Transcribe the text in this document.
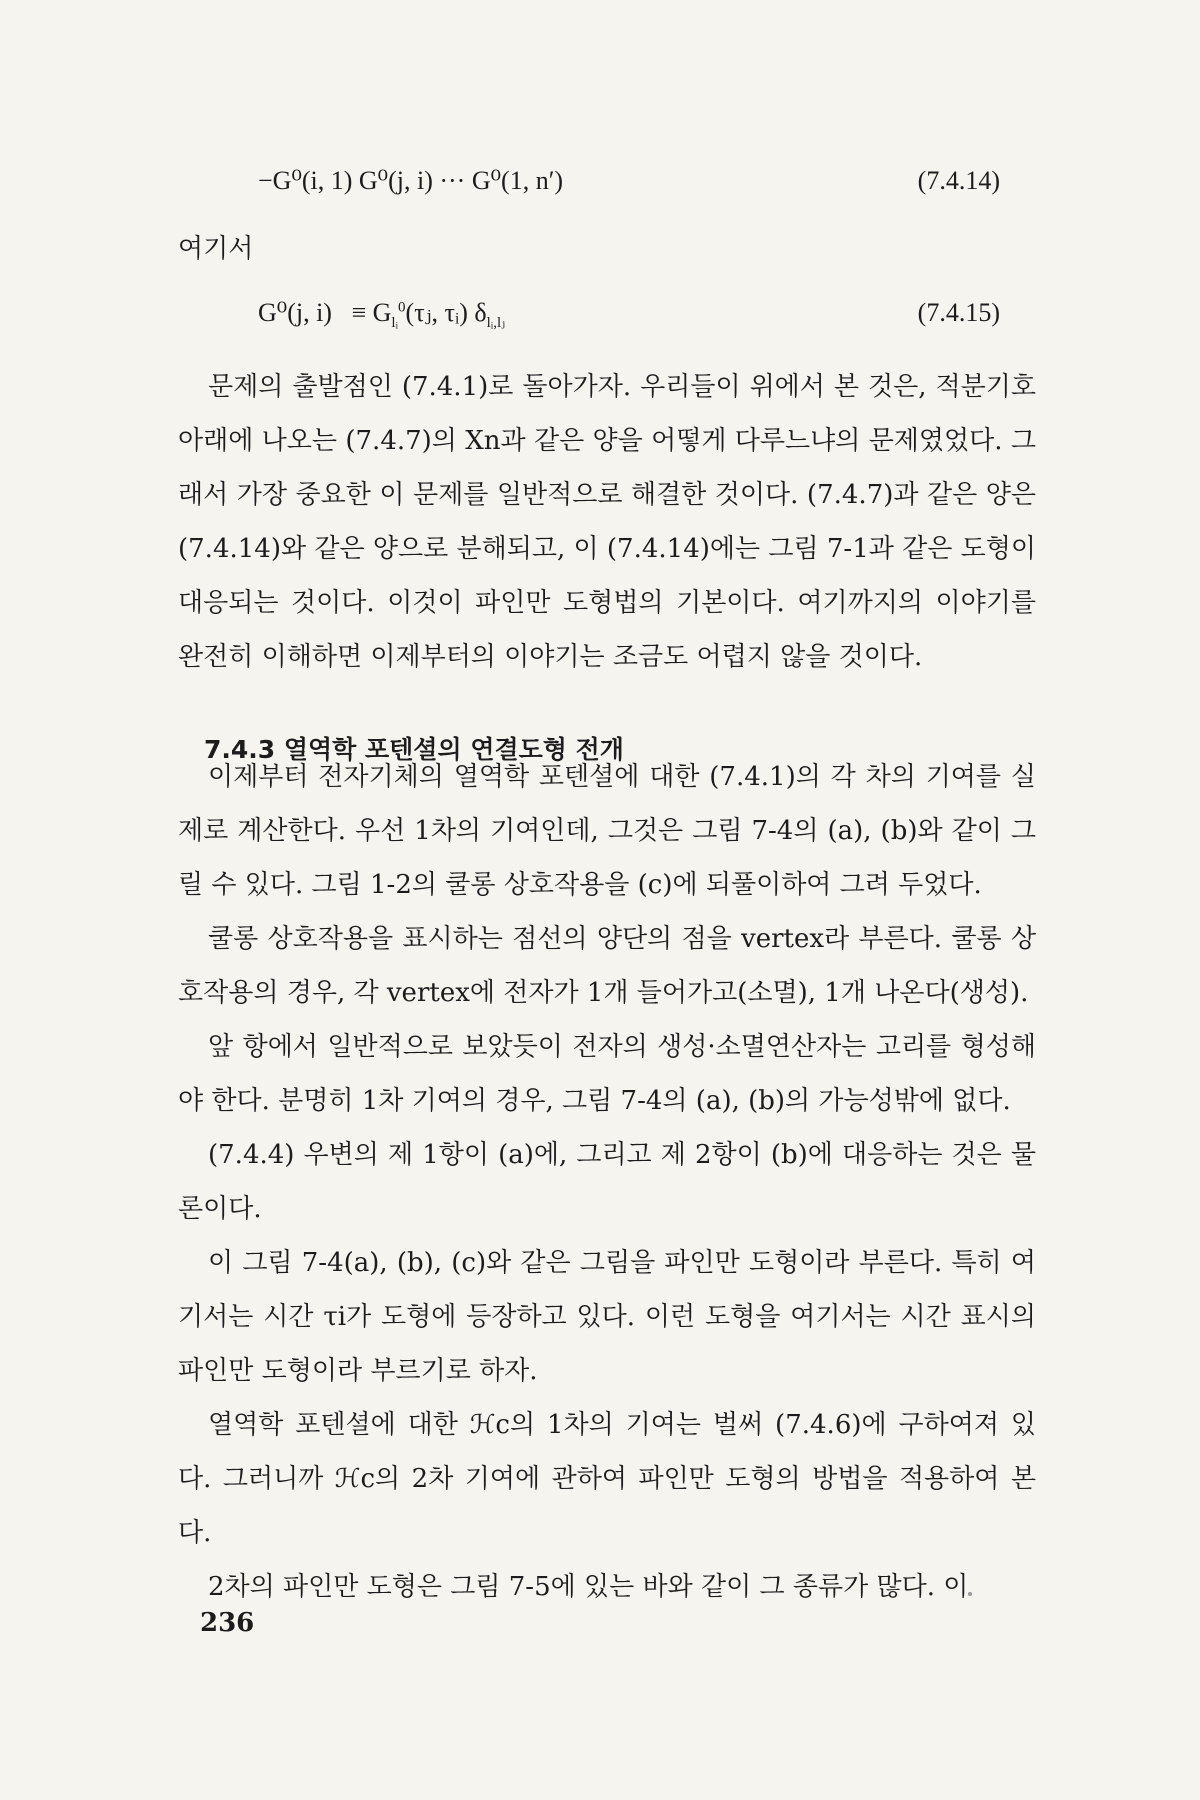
−G⁰(i, 1) G⁰(j, i) ··· G⁰(1, n′)	(7.4.14)
여기서
G⁰(j, $i) \equiv G_{lᵢ}^0(\tau ⱼ$, τᵢ) $\delta_{lᵢ,lⱼ}$	(7.4.15)

문제의 출발점인 (7.4.1)로 돌아가자. 우리들이 위에서 본 것은, 적분기호 아래에 나오는 (7.4.7)의 Xn과 같은 양을 어떻게 다루느냐의 문제였었다. 그래서 가장 중요한 이 문제를 일반적으로 해결한 것이다. (7.4.7)과 같은 양은 (7.4.14)와 같은 양으로 분해되고, 이 (7.4.14)에는 그림 7-1과 같은 도형이 대응되는 것이다. 이것이 파인만 도형법의 기본이다. 여기까지의 이야기를 완전히 이해하면 이제부터의 이야기는 조금도 어렵지 않을 것이다.

7.4.3 열역학 포텐셜의 연결도형 전개

이제부터 전자기체의 열역학 포텐셜에 대한 (7.4.1)의 각 차의 기여를 실제로 계산한다. 우선 1차의 기여인데, 그것은 그림 7-4의 (a), (b)와 같이 그릴 수 있다. 그림 1-2의 쿨롱 상호작용을 (c)에 되풀이하여 그려 두었다.

쿨롱 상호작용을 표시하는 점선의 양단의 점을 vertex라 부른다. 쿨롱 상호작용의 경우, 각 vertex에 전자가 1개 들어가고(소멸), 1개 나온다(생성).

앞 항에서 일반적으로 보았듯이 전자의 생성·소멸연산자는 고리를 형성해야 한다. 분명히 1차 기여의 경우, 그림 7-4의 (a), (b)의 가능성밖에 없다.

(7.4.4) 우변의 제 1항이 (a)에, 그리고 제 2항이 (b)에 대응하는 것은 물론이다.

이 그림 7-4(a), (b), (c)와 같은 그림을 파인만 도형이라 부른다. 특히 여기서는 시간 τi가 도형에 등장하고 있다. 이런 도형을 여기서는 시간 표시의 파인만 도형이라 부르기로 하자.

열역학 포텐셜에 대한 ℋc의 1차의 기여는 벌써 (7.4.6)에 구하여져 있다. 그러니까 ℋc의 2차 기여에 관하여 파인만 도형의 방법을 적용하여 본다.

2차의 파인만 도형은 그림 7-5에 있는 바와 같이 그 종류가 많다. 이

236
